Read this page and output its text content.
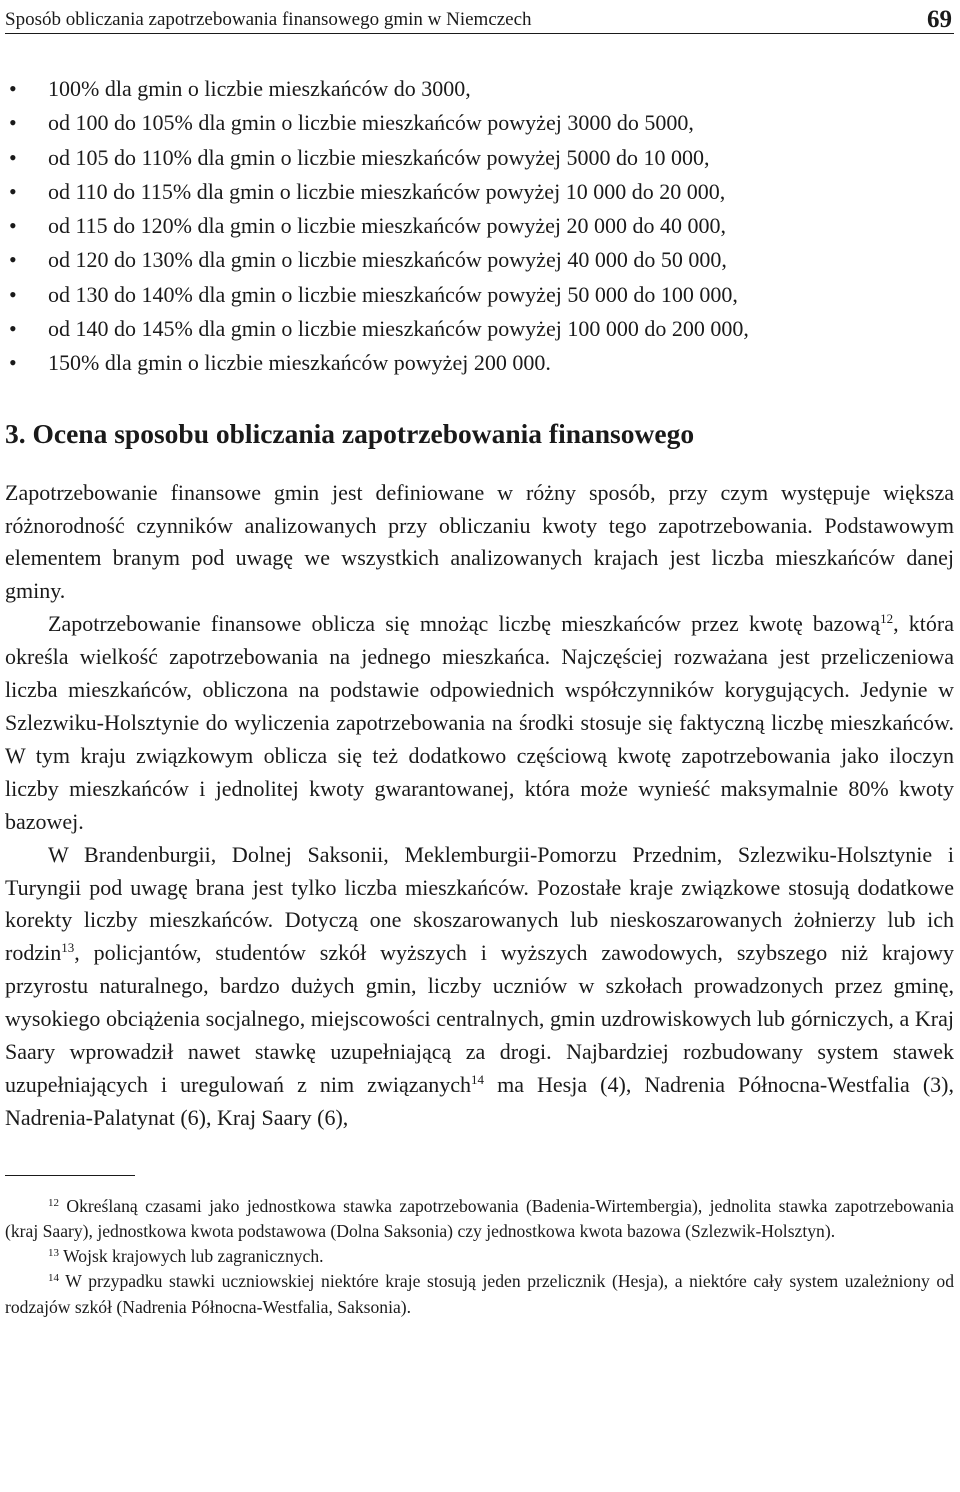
Sposób obliczania zapotrzebowania finansowego gmin w Niemczech	69
• 100% dla gmin o liczbie mieszkańców do 3000,
• od 100 do 105% dla gmin o liczbie mieszkańców powyżej 3000 do 5000,
• od 105 do 110% dla gmin o liczbie mieszkańców powyżej 5000 do 10 000,
• od 110 do 115% dla gmin o liczbie mieszkańców powyżej 10 000 do 20 000,
• od 115 do 120% dla gmin o liczbie mieszkańców powyżej 20 000 do 40 000,
• od 120 do 130% dla gmin o liczbie mieszkańców powyżej 40 000 do 50 000,
• od 130 do 140% dla gmin o liczbie mieszkańców powyżej 50 000 do 100 000,
• od 140 do 145% dla gmin o liczbie mieszkańców powyżej 100 000 do 200 000,
• 150% dla gmin o liczbie mieszkańców powyżej 200 000.
3. Ocena sposobu obliczania zapotrzebowania finansowego

Zapotrzebowanie finansowe gmin jest definiowane w różny sposób, przy czym występuje większa różnorodność czynników analizowanych przy obliczaniu kwoty tego zapotrzebowania. Podstawowym elementem branym pod uwagę we wszystkich analizowanych krajach jest liczba mieszkańców danej gminy.

Zapotrzebowanie finansowe oblicza się mnożąc liczbę mieszkańców przez kwotę bazową$^{12}$, która określa wielkość zapotrzebowania na jednego mieszkańca. Najczęściej rozważana jest przeliczeniowa liczba mieszkańców, obliczona na podstawie odpowiednich współczynników korygujących. Jedynie w Szlezwiku-Holsztynie do wyliczenia zapotrzebowania na środki stosuje się faktyczną liczbę mieszkańców. W tym kraju związkowym oblicza się też dodatkowo częściową kwotę zapotrzebowania jako iloczyn liczby mieszkańców i jednolitej kwoty gwarantowanej, która może wynieść maksymalnie 80% kwoty bazowej.

W Brandenburgii, Dolnej Saksonii, Meklemburgii-Pomorzu Przednim, Szlezwiku-Holsztynie i Turyngii pod uwagę brana jest tylko liczba mieszkańców. Pozostałe kraje związkowe stosują dodatkowe korekty liczby mieszkańców. Dotyczą one skoszarowanych lub nieskoszarowanych żołnierzy lub ich rodzin$^{13}$, policjantów, studentów szkół wyższych i wyższych zawodowych, szybszego niż krajowy przyrostu naturalnego, bardzo dużych gmin, liczby uczniów w szkołach prowadzonych przez gminę, wysokiego obciążenia socjalnego, miejscowości centralnych, gmin uzdrowiskowych lub górniczych, a Kraj Saary wprowadził nawet stawkę uzupełniającą za drogi. Najbardziej rozbudowany system stawek uzupełniających i uregulowań z nim związanych$^{14}$ ma Hesja (4), Nadrenia Północna-Westfalia (3), Nadrenia-Palatynat (6), Kraj Saary (6),

$^{12}$ Określaną czasami jako jednostkowa stawka zapotrzebowania (Badenia-Wirtembergia), jednolita stawka zapotrzebowania (kraj Saary), jednostkowa kwota podstawowa (Dolna Saksonia) czy jednostkowa kwota bazowa (Szlezwik-Holsztyn).

$^{13}$ Wojsk krajowych lub zagranicznych.

$^{14}$ W przypadku stawki uczniowskiej niektóre kraje stosują jeden przelicznik (Hesja), a niektóre cały system uzależniony od rodzajów szkół (Nadrenia Północna-Westfalia, Saksonia).
